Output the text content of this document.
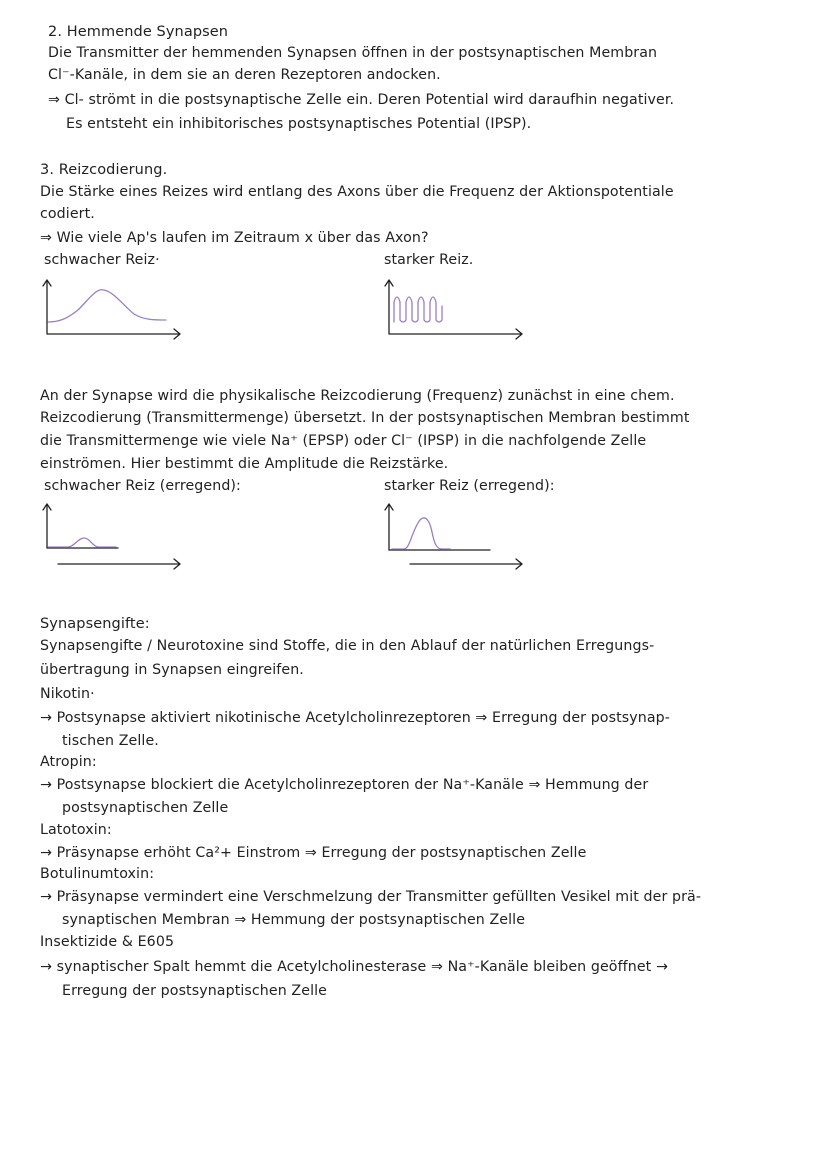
2. Hemmende Synapsen
Die Transmitter der hemmenden Synapsen öffnen in der postsynaptischen Membran
Cl⁻-Kanäle, in dem sie an deren Rezeptoren andocken.
⇒ Cl- strömt in die postsynaptische Zelle ein. Deren Potential wird daraufhin negativer.
Es entsteht ein inhibitorisches postsynaptisches Potential (IPSP).
3. Reizcodierung.
Die Stärke eines Reizes wird entlang des Axons über die Frequenz der Aktionspotentiale
codiert.
⇒ Wie viele Ap's laufen im Zeitraum x über das Axon?
schwacher Reiz·	starker Reiz.
An der Synapse wird die physikalische Reizcodierung (Frequenz) zunächst in eine chem.
Reizcodierung (Transmittermenge) übersetzt. In der postsynaptischen Membran bestimmt
die Transmittermenge wie viele Na⁺ (EPSP) oder Cl⁻ (IPSP) in die nachfolgende Zelle
einströmen. Hier bestimmt die Amplitude die Reizstärke.
schwacher Reiz (erregend):	starker Reiz (erregend):
Synapsengifte:
Synapsengifte / Neurotoxine sind Stoffe, die in den Ablauf der natürlichen Erregungs-
übertragung in Synapsen eingreifen.
Nikotin·
→ Postsynapse aktiviert nikotinische Acetylcholinrezeptoren ⇒ Erregung der postsynap-
tischen Zelle.
Atropin:
→ Postsynapse blockiert die Acetylcholinrezeptoren der Na⁺-Kanäle ⇒ Hemmung der
postsynaptischen Zelle
Latotoxin:
→ Präsynapse erhöht Ca²+ Einstrom ⇒ Erregung der postsynaptischen Zelle
Botulinumtoxin:
→ Präsynapse vermindert eine Verschmelzung der Transmitter gefüllten Vesikel mit der prä-
synaptischen Membran ⇒ Hemmung der postsynaptischen Zelle
Insektizide & E605
→ synaptischer Spalt hemmt die Acetylcholinesterase ⇒ Na⁺-Kanäle bleiben geöffnet →
Erregung der postsynaptischen Zelle
